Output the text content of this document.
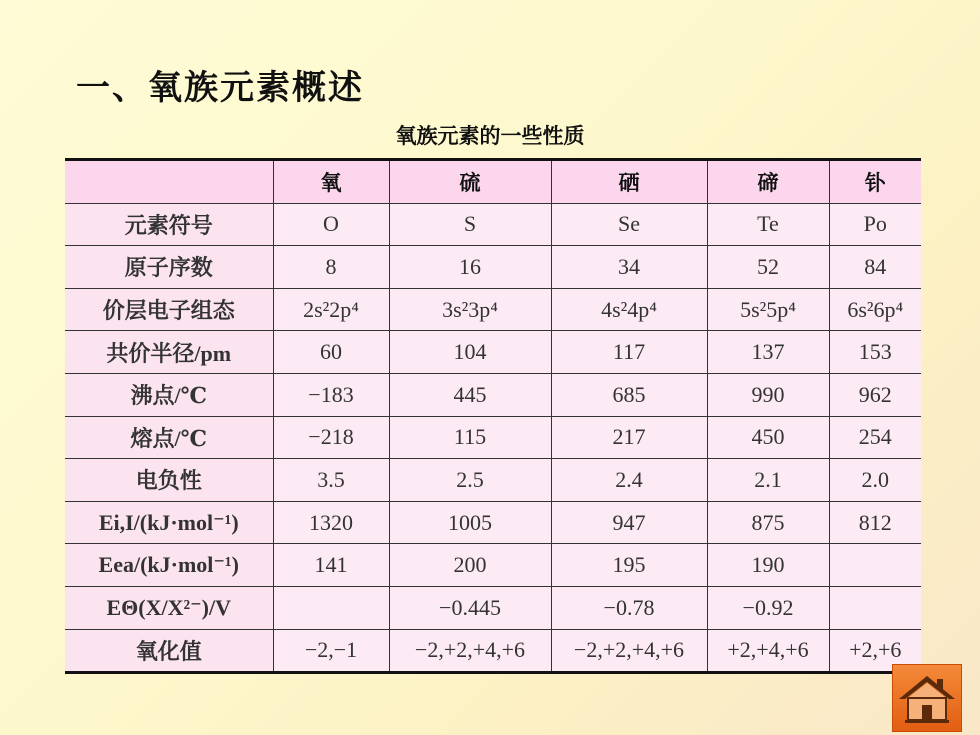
一、氧族元素概述
氧族元素的一些性质
	氧	硫	硒	碲	钋
元素符号	O	S	Se	Te	Po
原子序数	8	16	34	52	84
价层电子组态	2s²2p⁴	3s²3p⁴	4s²4p⁴	5s²5p⁴	6s²6p⁴
共价半径/pm	60	104	117	137	153
沸点/℃	−183	445	685	990	962
熔点/℃	−218	115	217	450	254
电负性	3.5	2.5	2.4	2.1	2.0
Ei,I/(kJ·mol⁻¹)	1320	1005	947	875	812
Eea/(kJ·mol⁻¹)	141	200	195	190	
EΘ(X/X²⁻)/V		−0.445	−0.78	−0.92	
氧化值	−2,−1	−2,+2,+4,+6	−2,+2,+4,+6	+2,+4,+6	+2,+6
